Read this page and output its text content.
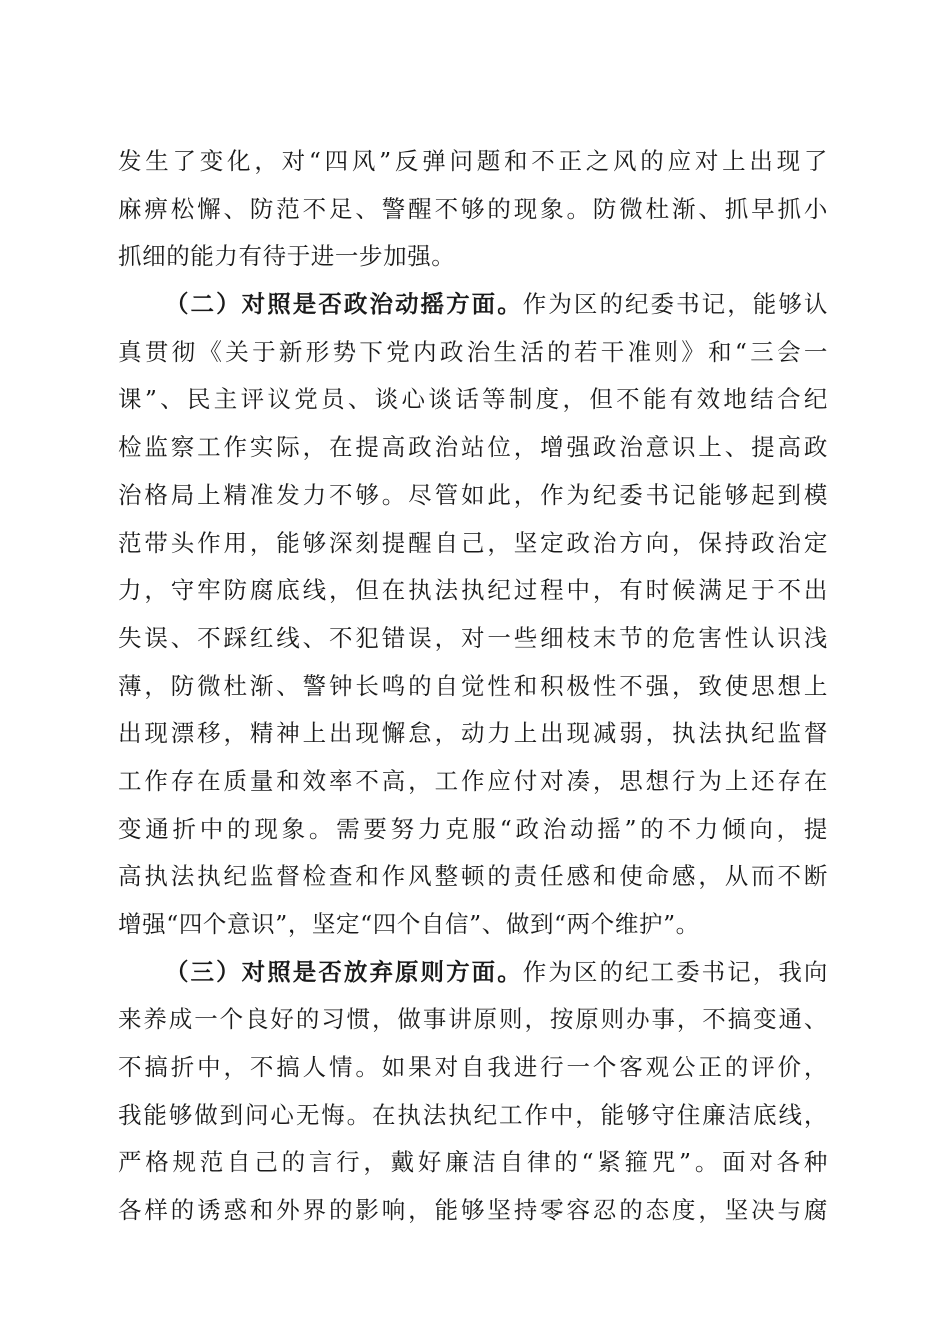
发生了变化，对“四风”反弹问题和不正之风的应对上出现了
麻痹松懈、防范不足、警醒不够的现象。防微杜渐、抓早抓小
抓细的能力有待于进一步加强。
（二）对照是否政治动摇方面。作为区的纪委书记，能够认
真贯彻《关于新形势下党内政治生活的若干准则》和“三会一
课”、民主评议党员、谈心谈话等制度，但不能有效地结合纪
检监察工作实际，在提高政治站位，增强政治意识上、提高政
治格局上精准发力不够。尽管如此，作为纪委书记能够起到模
范带头作用，能够深刻提醒自己，坚定政治方向，保持政治定
力，守牢防腐底线，但在执法执纪过程中，有时候满足于不出
失误、不踩红线、不犯错误，对一些细枝末节的危害性认识浅
薄，防微杜渐、警钟长鸣的自觉性和积极性不强，致使思想上
出现漂移，精神上出现懈怠，动力上出现减弱，执法执纪监督
工作存在质量和效率不高，工作应付对凑，思想行为上还存在
变通折中的现象。需要努力克服“政治动摇”的不力倾向，提
高执法执纪监督检查和作风整顿的责任感和使命感，从而不断
增强“四个意识”，坚定“四个自信”、做到“两个维护”。
（三）对照是否放弃原则方面。作为区的纪工委书记，我向
来养成一个良好的习惯，做事讲原则，按原则办事，不搞变通、
不搞折中，不搞人情。如果对自我进行一个客观公正的评价，
我能够做到问心无悔。在执法执纪工作中，能够守住廉洁底线，
严格规范自己的言行，戴好廉洁自律的“紧箍咒”。面对各种
各样的诱惑和外界的影响，能够坚持零容忍的态度，坚决与腐
